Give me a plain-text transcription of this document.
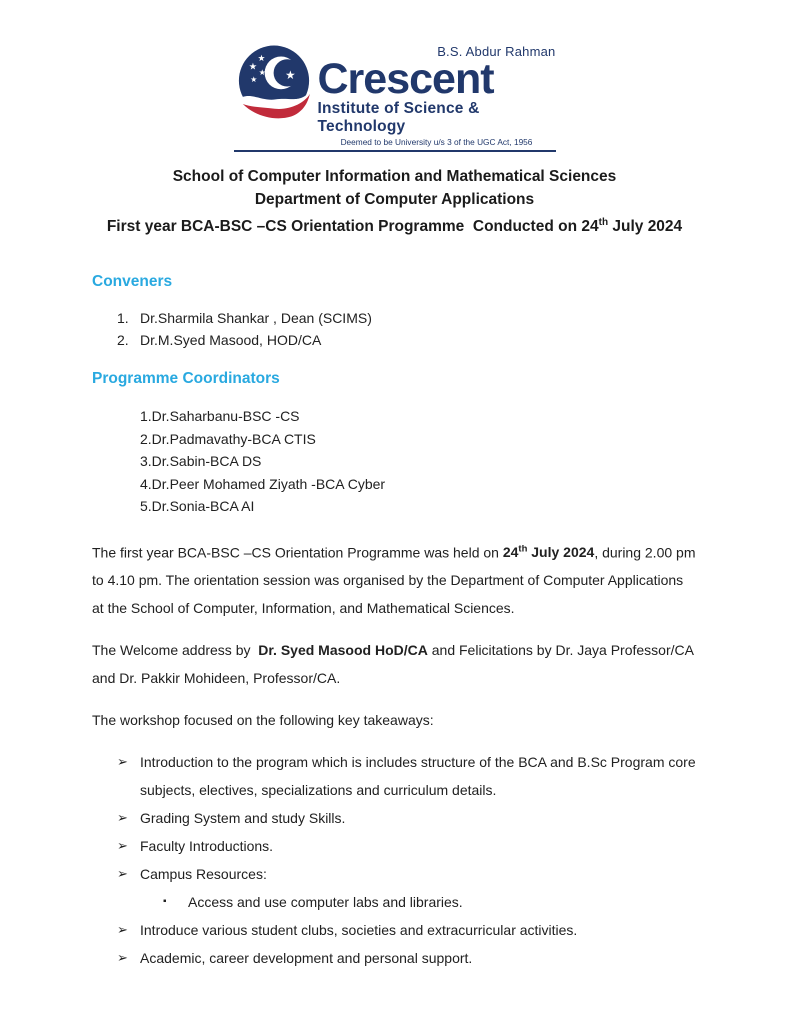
★
★ ★
★ ★
B.S. Abdur Rahman
Crescent
Institute of Science & Technology
Deemed to be University u/s 3 of the UGC Act, 1956
School of Computer Information and Mathematical Sciences
Department of Computer Applications
First year BCA-BSC –CS Orientation Programme  Conducted on 24th July 2024
Conveners
1. Dr.Sharmila Shankar , Dean (SCIMS)
2. Dr.M.Syed Masood, HOD/CA
Programme Coordinators
1.Dr.Saharbanu-BSC -CS
2.Dr.Padmavathy-BCA CTIS
3.Dr.Sabin-BCA DS
4.Dr.Peer Mohamed Ziyath -BCA Cyber
5.Dr.Sonia-BCA AI

The first year BCA-BSC –CS Orientation Programme was held on 24th July 2024, during 2.00 pm to 4.10 pm. The orientation session was organised by the Department of Computer Applications at the School of Computer, Information, and Mathematical Sciences.

The Welcome address by  Dr. Syed Masood HoD/CA and Felicitations by Dr. Jaya Professor/CA and Dr. Pakkir Mohideen, Professor/CA.

The workshop focused on the following key takeaways:

➢ Introduction to the program which is includes structure of the BCA and B.Sc Program core subjects, electives, specializations and curriculum details.
➢ Grading System and study Skills.
➢ Faculty Introductions.
➢ Campus Resources:
▪	Access and use computer labs and libraries.
➢ Introduce various student clubs, societies and extracurricular activities.
➢ Academic, career development and personal support.
